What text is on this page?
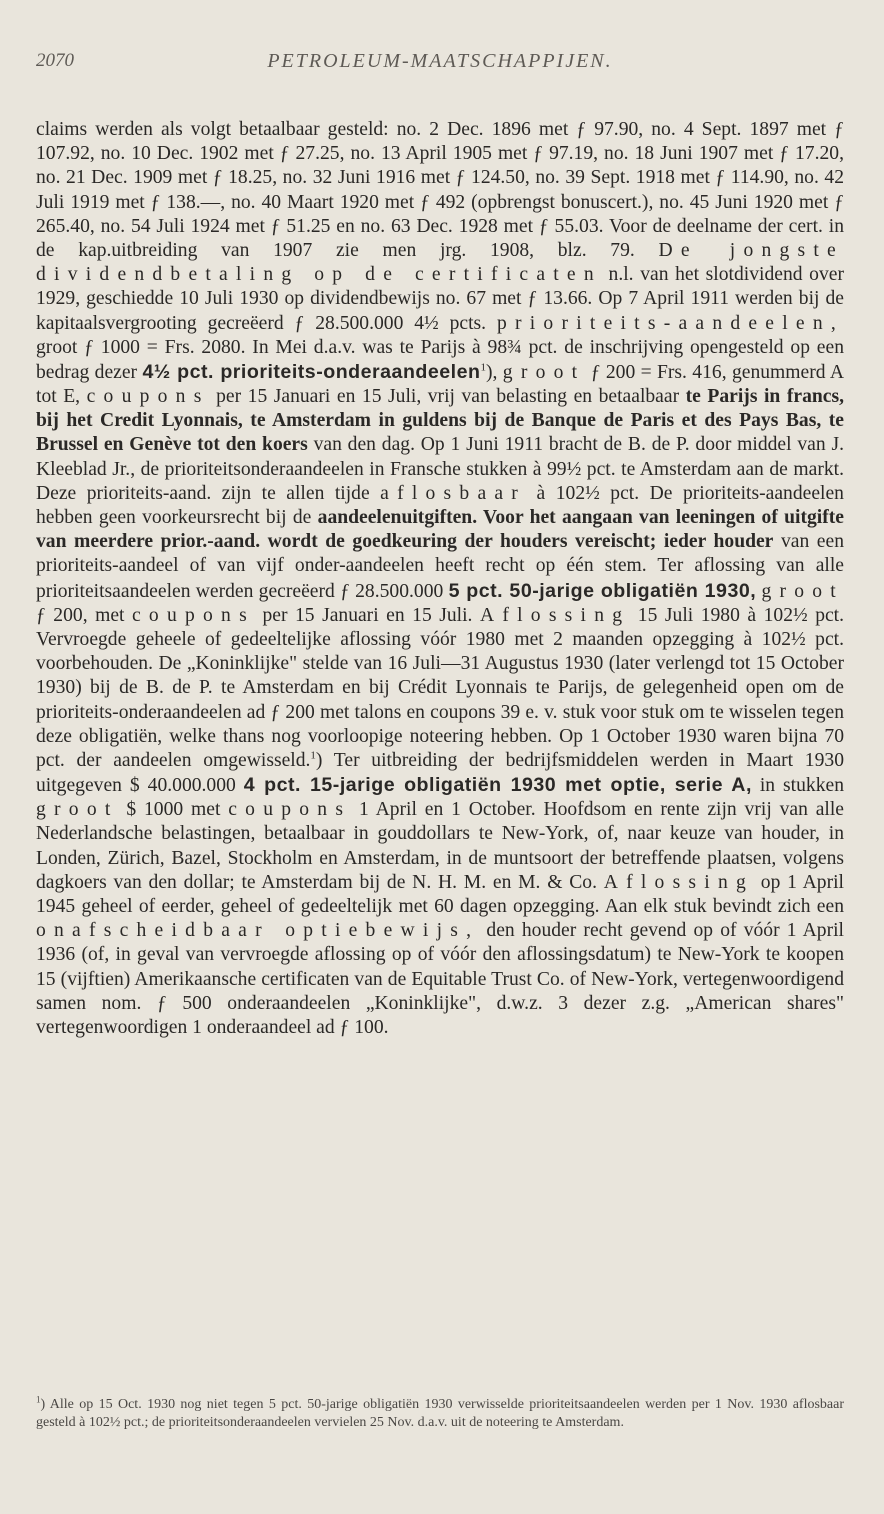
2070	PETROLEUM-MAATSCHAPPIJEN.

claims werden als volgt betaalbaar gesteld: no. 2 Dec. 1896 met ƒ 97.90, no. 4 Sept. 1897 met ƒ 107.92, no. 10 Dec. 1902 met ƒ 27.25, no. 13 April 1905 met ƒ 97.19, no. 18 Juni 1907 met ƒ 17.20, no. 21 Dec. 1909 met ƒ 18.25, no. 32 Juni 1916 met ƒ 124.50, no. 39 Sept. 1918 met ƒ 114.90, no. 42 Juli 1919 met ƒ 138.—, no. 40 Maart 1920 met ƒ 492 (opbrengst bonuscert.), no. 45 Juni 1920 met ƒ 265.40, no. 54 Juli 1924 met ƒ 51.25 en no. 63 Dec. 1928 met ƒ 55.03. Voor de deelname der cert. in de kap.uitbreiding van 1907 zie men jrg. 1908, blz. 79. De jongste dividendbetaling op de certificaten n.l. van het slotdividend over 1929, geschiedde 10 Juli 1930 op dividendbewijs no. 67 met ƒ 13.66. Op 7 April 1911 werden bij de kapitaalsvergrooting gecreëerd ƒ 28.500.000 4½ pcts. prioriteits-aandeelen, groot ƒ 1000 = Frs. 2080. In Mei d.a.v. was te Parijs à 98¾ pct. de inschrijving opengesteld op een bedrag dezer 4½ pct. prioriteits-onderaandeelen$^1$), groot ƒ 200 = Frs. 416, genummerd A tot E, coupons per 15 Januari en 15 Juli, vrij van belasting en betaalbaar te Parijs in francs, bij het Credit Lyonnais, te Amsterdam in guldens bij de Banque de Paris et des Pays Bas, te Brussel en Genève tot den koers van den dag. Op 1 Juni 1911 bracht de B. de P. door middel van J. Kleeblad Jr., de prioriteitsonderaandeelen in Fransche stukken à 99½ pct. te Amsterdam aan de markt. Deze prioriteits-aand. zijn te allen tijde aflosbaar à 102½ pct. De prioriteits-aandeelen hebben geen voorkeursrecht bij de aandeelenuitgiften. Voor het aangaan van leeningen of uitgifte van meerdere prior.-aand. wordt de goedkeuring der houders vereischt; ieder houder van een prioriteits-aandeel of van vijf onder-aandeelen heeft recht op één stem. Ter aflossing van alle prioriteitsaandeelen werden gecreëerd ƒ 28.500.000 5 pct. 50-jarige obligatiën 1930, groot ƒ 200, met coupons per 15 Januari en 15 Juli. Aflossing 15 Juli 1980 à 102½ pct. Vervroegde geheele of gedeeltelijke aflossing vóór 1980 met 2 maanden opzegging à 102½ pct. voorbehouden. De „Koninklijke" stelde van 16 Juli—31 Augustus 1930 (later verlengd tot 15 October 1930) bij de B. de P. te Amsterdam en bij Crédit Lyonnais te Parijs, de gelegenheid open om de prioriteits-onderaandeelen ad ƒ 200 met talons en coupons 39 e. v. stuk voor stuk om te wisselen tegen deze obligatiën, welke thans nog voorloopige noteering hebben. Op 1 October 1930 waren bijna 70 pct. der aandeelen omgewisseld.$^1$) Ter uitbreiding der bedrijfsmiddelen werden in Maart 1930 uitgegeven $ 40.000.000 4 pct. 15-jarige obligatiën 1930 met optie, serie A, in stukken groot $ 1000 met coupons 1 April en 1 October. Hoofdsom en rente zijn vrij van alle Nederlandsche belastingen, betaalbaar in gouddollars te New-York, of, naar keuze van houder, in Londen, Zürich, Bazel, Stockholm en Amsterdam, in de muntsoort der betreffende plaatsen, volgens dagkoers van den dollar; te Amsterdam bij de N. H. M. en M. & Co. Aflossing op 1 April 1945 geheel of eerder, geheel of gedeeltelijk met 60 dagen opzegging. Aan elk stuk bevindt zich een onafscheidbaar optiebewijs, den houder recht gevend op of vóór 1 April 1936 (of, in geval van vervroegde aflossing op of vóór den aflossingsdatum) te New-York te koopen 15 (vijftien) Amerikaansche certificaten van de Equitable Trust Co. of New-York, vertegenwoordigend samen nom. ƒ 500 onderaandeelen „Koninklijke", d.w.z. 3 dezer z.g. „American shares" vertegenwoordigen 1 onderaandeel ad ƒ 100.

$^1$) Alle op 15 Oct. 1930 nog niet tegen 5 pct. 50-jarige obligatiën 1930 verwisselde prioriteitsaandeelen werden per 1 Nov. 1930 aflosbaar gesteld à 102½ pct.; de prioriteitsonderaandeelen vervielen 25 Nov. d.a.v. uit de noteering te Amsterdam.
